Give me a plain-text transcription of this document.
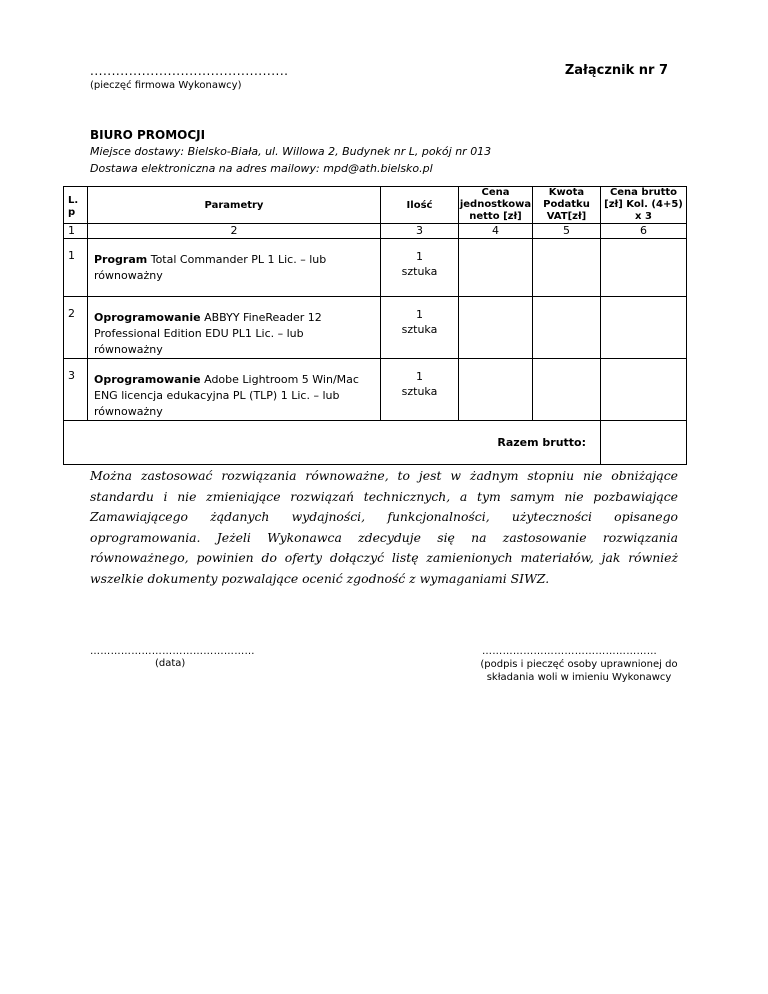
..............................................
(pieczęć firmowa Wykonawcy)
Załącznik nr 7
BIURO PROMOCJI
Miejsce dostawy: Bielsko-Biała, ul. Willowa 2, Budynek nr L, pokój nr 013
Dostawa elektroniczna na adres mailowy: mpd@ath.bielsko.pl
L. p	Parametry	Ilość	Cena jednostkowa netto [zł]	Kwota Podatku VAT[zł]	Cena brutto [zł] Kol. (4+5) x 3
1	2	3	4	5	6
1	Program Total Commander PL 1 Lic. – lub równoważny	1
sztuka			

2	Oprogramowanie ABBYY FineReader 12 Professional Edition EDU PL1 Lic. – lub równoważny	1
sztuka			

3	Oprogramowanie Adobe Lightroom 5 Win/Mac ENG licencja edukacyjna PL (TLP) 1 Lic. – lub równoważny	1
sztuka			

Razem brutto:					
Można zastosować rozwiązania równoważne, to jest w żadnym stopniu nie obniżające standardu i nie zmieniające rozwiązań technicznych, a tym samym nie pozbawiające Zamawiającego żądanych wydajności, funkcjonalności, użyteczności opisanego oprogramowania. Jeżeli Wykonawca zdecyduje się na zastosowanie rozwiązania równoważnego, powinien do oferty dołączyć listę zamienionych materiałów, jak również wszelkie dokumenty pozwalające ocenić zgodność z wymaganiami SIWZ.
…………………………………………
(data)
……………………………………………
(podpis i pieczęć osoby uprawnionej do składania woli w imieniu Wykonawcy
